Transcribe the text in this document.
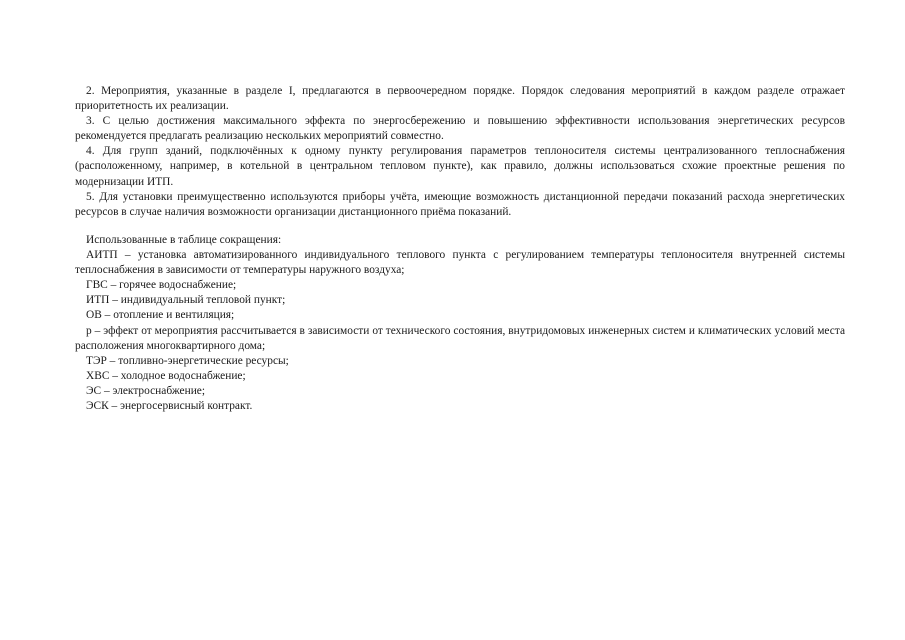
2. Мероприятия, указанные в разделе I, предлагаются в первоочередном порядке. Порядок следования мероприятий в каждом разделе отражает приоритетность их реализации.

3. С целью достижения максимального эффекта по энергосбережению и повышению эффективности использования энергетических ресурсов рекомендуется предлагать реализацию нескольких мероприятий совместно.

4. Для групп зданий, подключённых к одному пункту регулирования параметров теплоносителя системы централизованного теплоснабжения (расположенному, например, в котельной в центральном тепловом пункте), как правило, должны использоваться схожие проектные решения по модернизации ИТП.

5. Для установки преимущественно используются приборы учёта, имеющие возможность дистанционной передачи показаний расхода энергетических ресурсов в случае наличия возможности организации дистанционного приёма показаний.

Использованные в таблице сокращения:

АИТП – установка автоматизированного индивидуального теплового пункта с регулированием температуры теплоносителя внутренней системы теплоснабжения в зависимости от температуры наружного воздуха;

ГВС – горячее водоснабжение;

ИТП – индивидуальный тепловой пункт;

ОВ – отопление и вентиляция;

р – эффект от мероприятия рассчитывается в зависимости от технического состояния, внутридомовых инженерных систем и климатических условий места расположения многоквартирного дома;

ТЭР – топливно-энергетические ресурсы;

ХВС – холодное водоснабжение;

ЭС – электроснабжение;

ЭСК – энергосервисный контракт.
